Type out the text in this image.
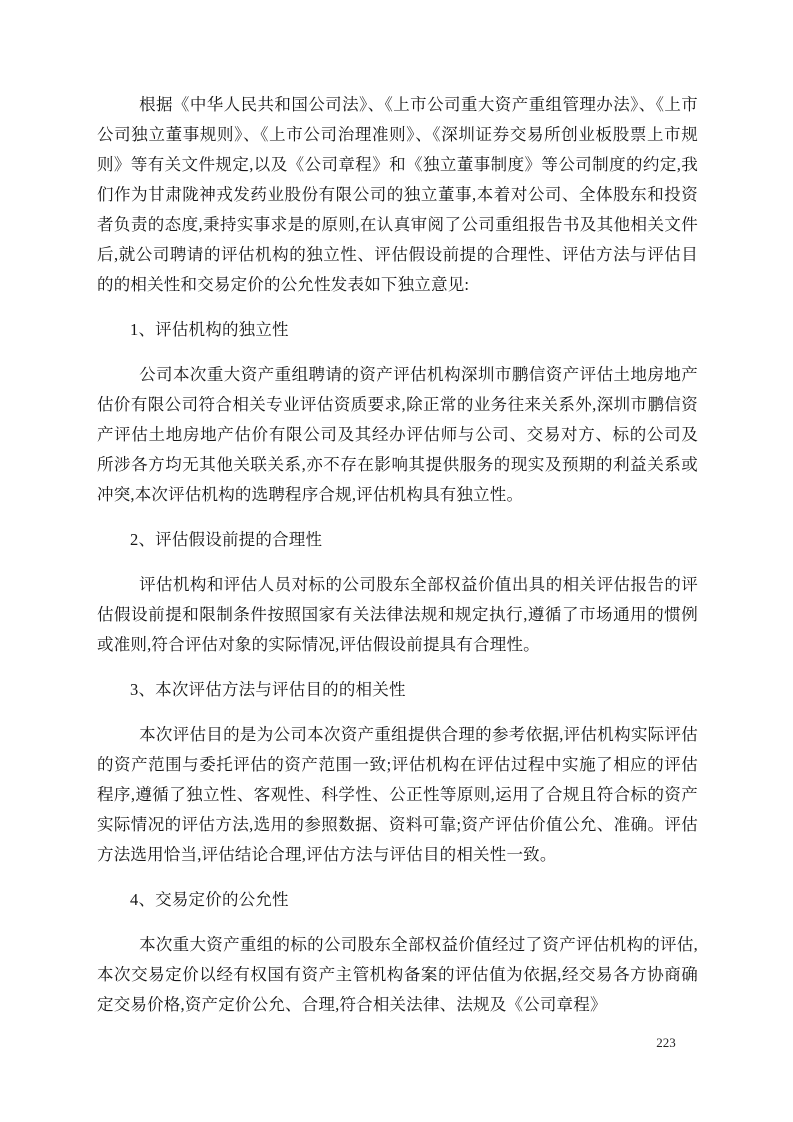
根据《中华人民共和国公司法》、《上市公司重大资产重组管理办法》、《上市公司独立董事规则》、《上市公司治理准则》、《深圳证券交易所创业板股票上市规则》等有关文件规定,以及《公司章程》和《独立董事制度》等公司制度的约定,我们作为甘肃陇神戎发药业股份有限公司的独立董事,本着对公司、全体股东和投资者负责的态度,秉持实事求是的原则,在认真审阅了公司重组报告书及其他相关文件后,就公司聘请的评估机构的独立性、评估假设前提的合理性、评估方法与评估目的的相关性和交易定价的公允性发表如下独立意见:

1、评估机构的独立性

公司本次重大资产重组聘请的资产评估机构深圳市鹏信资产评估土地房地产估价有限公司符合相关专业评估资质要求,除正常的业务往来关系外,深圳市鹏信资产评估土地房地产估价有限公司及其经办评估师与公司、交易对方、标的公司及所涉各方均无其他关联关系,亦不存在影响其提供服务的现实及预期的利益关系或冲突,本次评估机构的选聘程序合规,评估机构具有独立性。

2、评估假设前提的合理性

评估机构和评估人员对标的公司股东全部权益价值出具的相关评估报告的评估假设前提和限制条件按照国家有关法律法规和规定执行,遵循了市场通用的惯例或准则,符合评估对象的实际情况,评估假设前提具有合理性。

3、本次评估方法与评估目的的相关性

本次评估目的是为公司本次资产重组提供合理的参考依据,评估机构实际评估的资产范围与委托评估的资产范围一致;评估机构在评估过程中实施了相应的评估程序,遵循了独立性、客观性、科学性、公正性等原则,运用了合规且符合标的资产实际情况的评估方法,选用的参照数据、资料可靠;资产评估价值公允、准确。评估方法选用恰当,评估结论合理,评估方法与评估目的相关性一致。

4、交易定价的公允性

本次重大资产重组的标的公司股东全部权益价值经过了资产评估机构的评估,本次交易定价以经有权国有资产主管机构备案的评估值为依据,经交易各方协商确定交易价格,资产定价公允、合理,符合相关法律、法规及《公司章程》

223
